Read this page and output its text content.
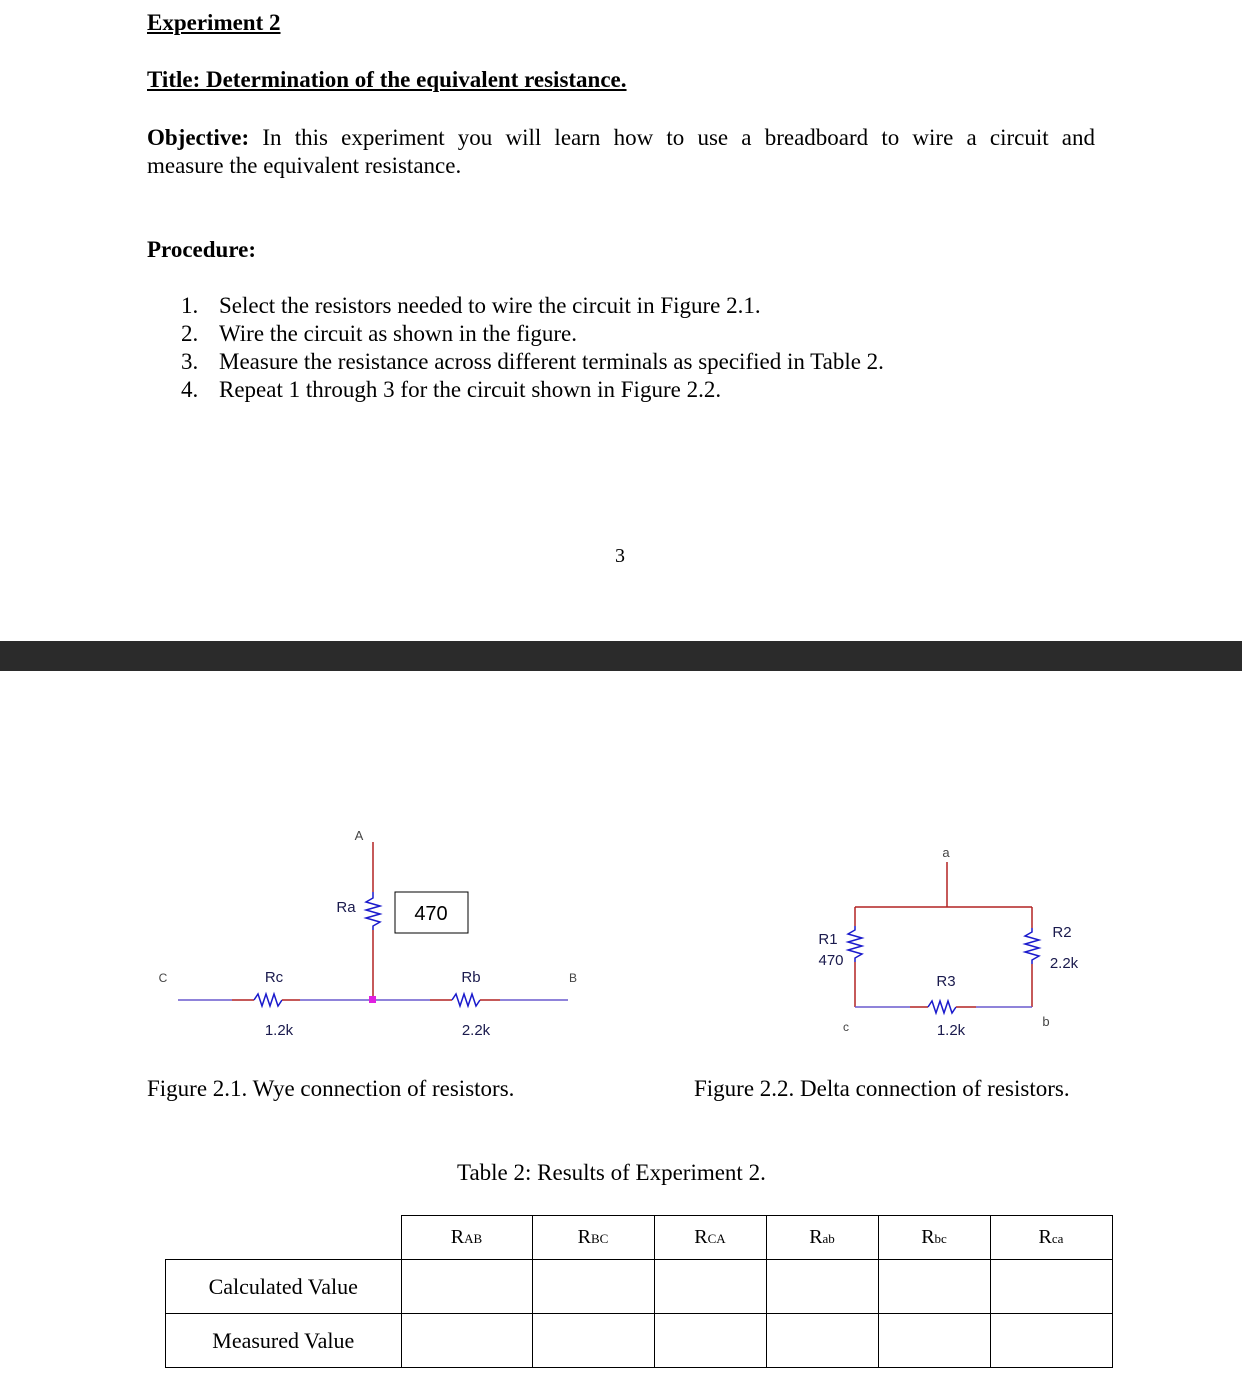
Experiment 2
Title: Determination of the equivalent resistance.
Objective: In this experiment you will learn how to use a breadboard to wire a circuit and
measure the equivalent resistance.
Procedure:
1. Select the resistors needed to wire the circuit in Figure 2.1.
2. Wire the circuit as shown in the figure.
3. Measure the resistance across different terminals as specified in Table 2.
4. Repeat 1 through 3 for the circuit shown in Figure 2.2.
3
470
A
C	B
Ra
Rc
1.2k
Rb
2.2k
Figure 2.1. Wye connection of resistors.
a
c	b
R1
470
R2
2.2k
R3
1.2k
Figure 2.2. Delta connection of resistors.
Table 2: Results of Experiment 2.
	RAB	RBC	RCA	Rab	Rbc	Rca
Calculated Value						
Measured Value						
